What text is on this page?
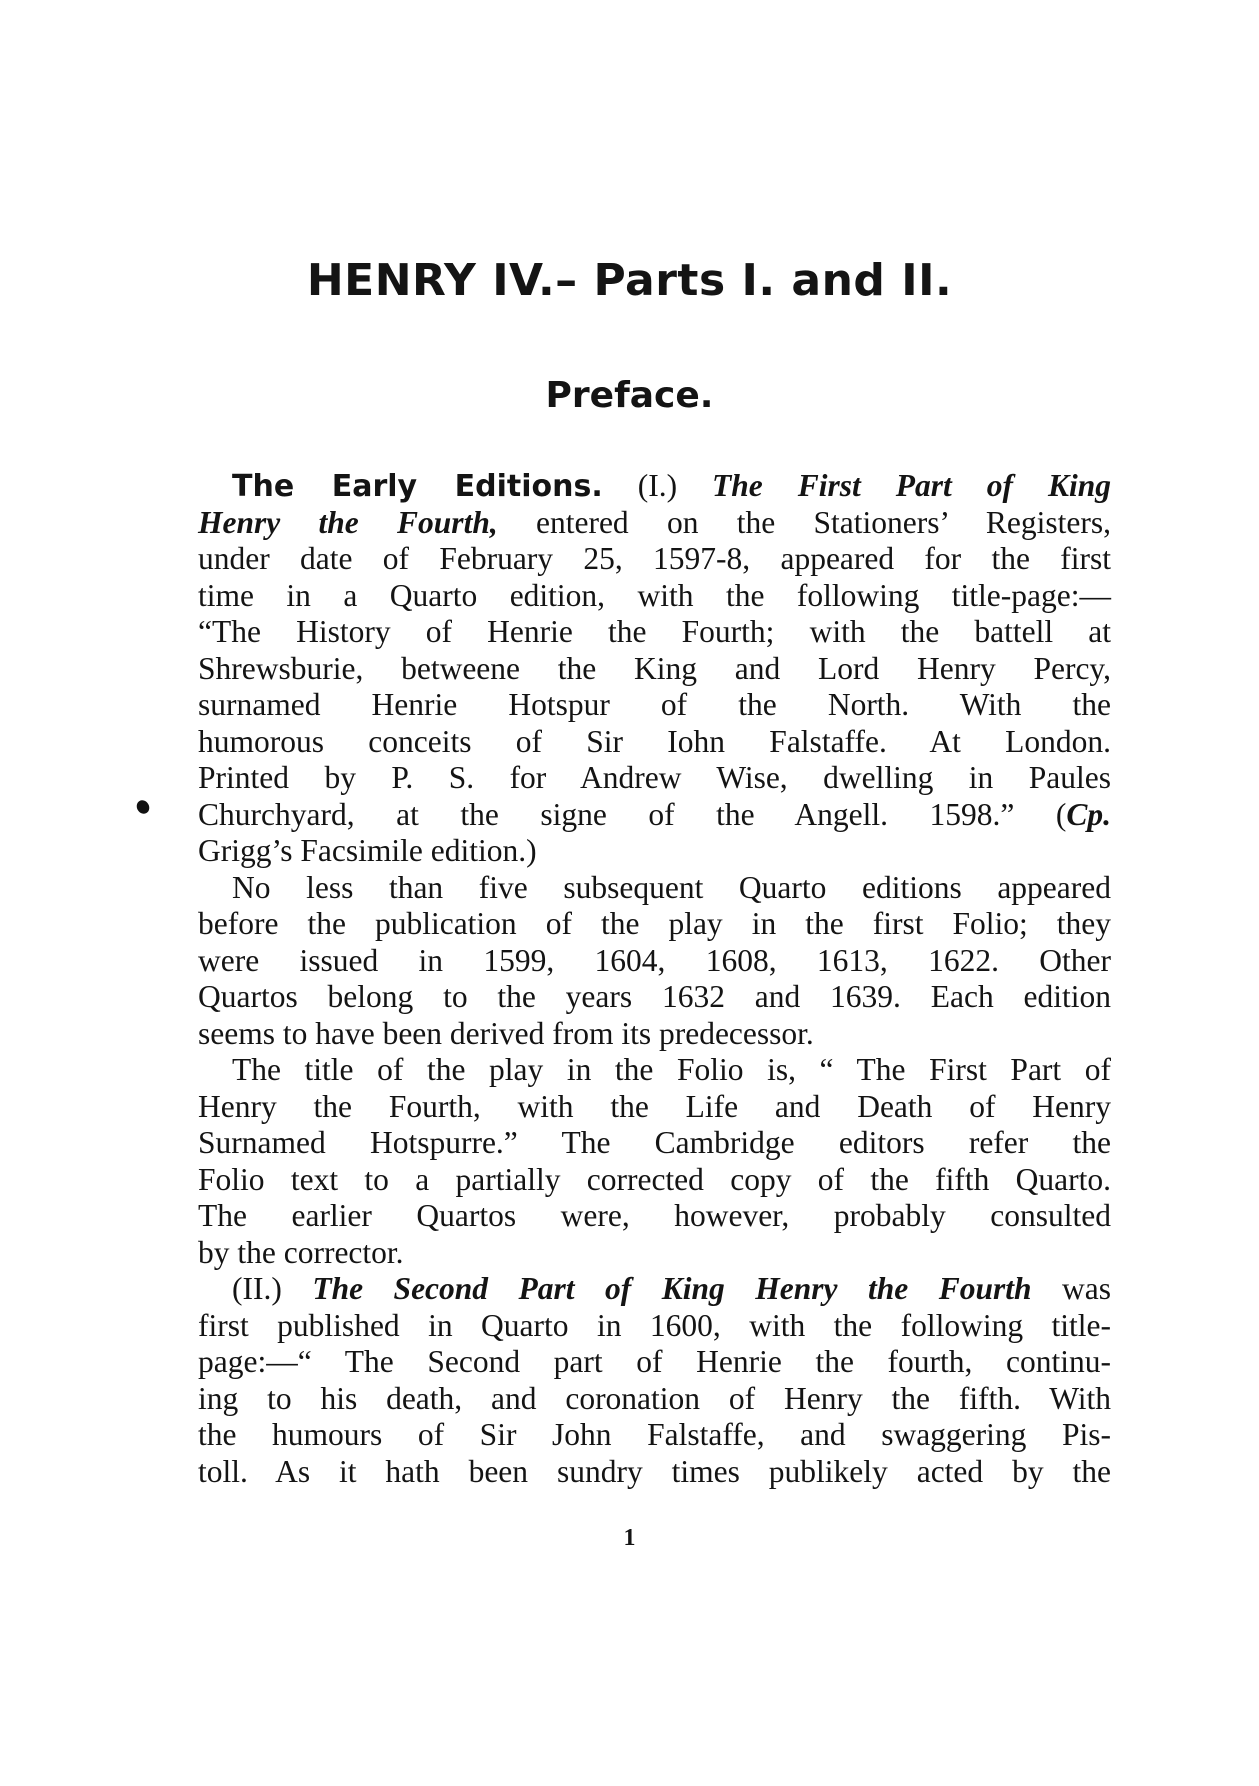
HENRY IV.– Parts I. and II.
Preface.
The Early Editions. (I.) The First Part of King
Henry the Fourth, entered on the Stationers’ Registers,
under date of February 25, 1597-8, appeared for the first
time in a Quarto edition, with the following title-page:—
“The History of Henrie the Fourth; with the battell at
Shrewsburie, betweene the King and Lord Henry Percy,
surnamed Henrie Hotspur of the North. With the
humorous conceits of Sir Iohn Falstaffe. At London.
Printed by P. S. for Andrew Wise, dwelling in Paules
Churchyard, at the signe of the Angell. 1598.” (Cp.
Grigg’s Facsimile edition.)
No less than five subsequent Quarto editions appeared
before the publication of the play in the first Folio; they
were issued in 1599, 1604, 1608, 1613, 1622. Other
Quartos belong to the years 1632 and 1639. Each edition
seems to have been derived from its predecessor.
The title of the play in the Folio is, “ The First Part of
Henry the Fourth, with the Life and Death of Henry
Surnamed Hotspurre.” The Cambridge editors refer the
Folio text to a partially corrected copy of the fifth Quarto.
The earlier Quartos were, however, probably consulted
by the corrector.
(II.) The Second Part of King Henry the Fourth was
first published in Quarto in 1600, with the following title-
page:—“ The Second part of Henrie the fourth, continu-
ing to his death, and coronation of Henry the fifth. With
the humours of Sir John Falstaffe, and swaggering Pis-
toll. As it hath been sundry times publikely acted by the
1
